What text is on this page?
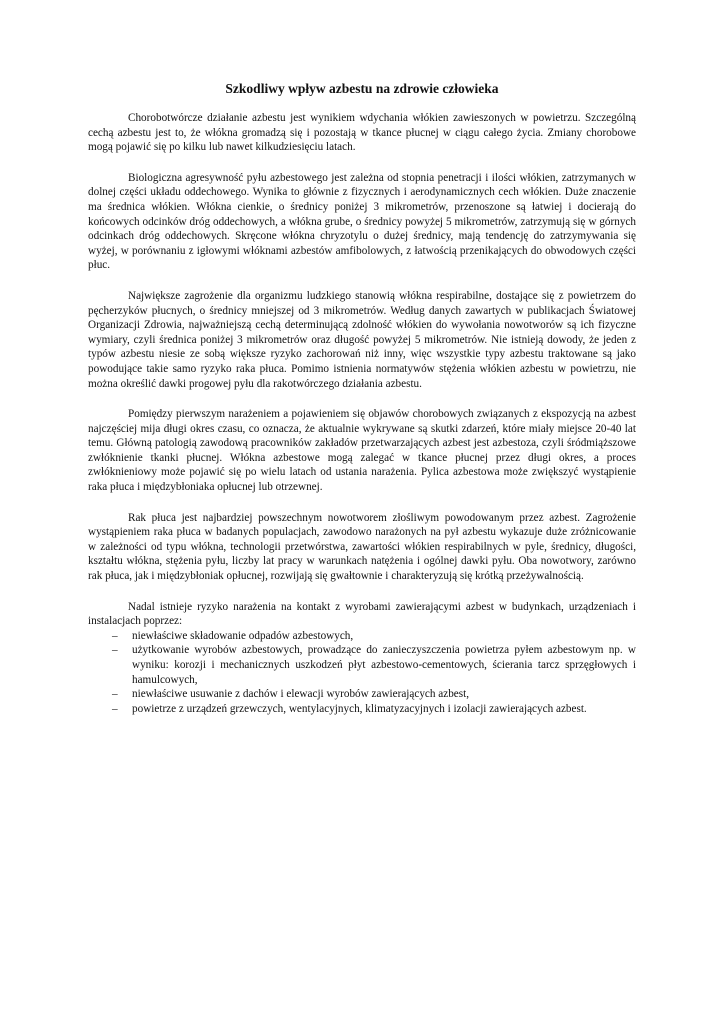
Szkodliwy wpływ azbestu na zdrowie człowieka

Chorobotwórcze działanie azbestu jest wynikiem wdychania włókien zawieszonych w powietrzu. Szczególną cechą azbestu jest to, że włókna gromadzą się i pozostają w tkance płucnej w ciągu całego życia. Zmiany chorobowe mogą pojawić się po kilku lub nawet kilkudziesięciu latach.

Biologiczna agresywność pyłu azbestowego jest zależna od stopnia penetracji i ilości włókien, zatrzymanych w dolnej części układu oddechowego. Wynika to głównie z fizycznych i aerodynamicznych cech włókien. Duże znaczenie ma średnica włókien. Włókna cienkie, o średnicy poniżej 3 mikrometrów, przenoszone są łatwiej i docierają do końcowych odcinków dróg oddechowych, a włókna grube, o średnicy powyżej 5 mikrometrów, zatrzymują się w górnych odcinkach dróg oddechowych. Skręcone włókna chryzotylu o dużej średnicy, mają tendencję do zatrzymywania się wyżej, w porównaniu z igłowymi włóknami azbestów amfibolowych, z łatwością przenikających do obwodowych części płuc.

Największe zagrożenie dla organizmu ludzkiego stanowią włókna respirabilne, dostające się z powietrzem do pęcherzyków płucnych, o średnicy mniejszej od 3 mikrometrów. Według danych zawartych w publikacjach Światowej Organizacji Zdrowia, najważniejszą cechą determinującą zdolność włókien do wywołania nowotworów są ich fizyczne wymiary, czyli średnica poniżej 3 mikrometrów oraz długość powyżej 5 mikrometrów. Nie istnieją dowody, że jeden z typów azbestu niesie ze sobą większe ryzyko zachorowań niż inny, więc wszystkie typy azbestu traktowane są jako powodujące takie samo ryzyko raka płuca. Pomimo istnienia normatywów stężenia włókien azbestu w powietrzu, nie można określić dawki progowej pyłu dla rakotwórczego działania azbestu.

Pomiędzy pierwszym narażeniem a pojawieniem się objawów chorobowych związanych z ekspozycją na azbest najczęściej mija długi okres czasu, co oznacza, że aktualnie wykrywane są skutki zdarzeń, które miały miejsce 20-40 lat temu. Główną patologią zawodową pracowników zakładów przetwarzających azbest jest azbestoza, czyli śródmiąższowe zwłóknienie tkanki płucnej. Włókna azbestowe mogą zalegać w tkance płucnej przez długi okres, a proces zwłóknieniowy może pojawić się po wielu latach od ustania narażenia. Pylica azbestowa może zwiększyć wystąpienie raka płuca i międzybłoniaka opłucnej lub otrzewnej.

Rak płuca jest najbardziej powszechnym nowotworem złośliwym powodowanym przez azbest. Zagrożenie wystąpieniem raka płuca w badanych populacjach, zawodowo narażonych na pył azbestu wykazuje duże zróżnicowanie w zależności od typu włókna, technologii przetwórstwa, zawartości włókien respirabilnych w pyle, średnicy, długości, kształtu włókna, stężenia pyłu, liczby lat pracy w warunkach natężenia i ogólnej dawki pyłu. Oba nowotwory, zarówno rak płuca, jak i międzybłoniak opłucnej, rozwijają się gwałtownie i charakteryzują się krótką przeżywalnością.

Nadal istnieje ryzyko narażenia na kontakt z wyrobami zawierającymi azbest w budynkach, urządzeniach i instalacjach poprzez:

– niewłaściwe składowanie odpadów azbestowych,
– użytkowanie wyrobów azbestowych, prowadzące do zanieczyszczenia powietrza pyłem azbestowym np. w wyniku: korozji i mechanicznych uszkodzeń płyt azbestowo-cementowych, ścierania tarcz sprzęgłowych i hamulcowych,
– niewłaściwe usuwanie z dachów i elewacji wyrobów zawierających azbest,
– powietrze z urządzeń grzewczych, wentylacyjnych, klimatyzacyjnych i izolacji zawierających azbest.
